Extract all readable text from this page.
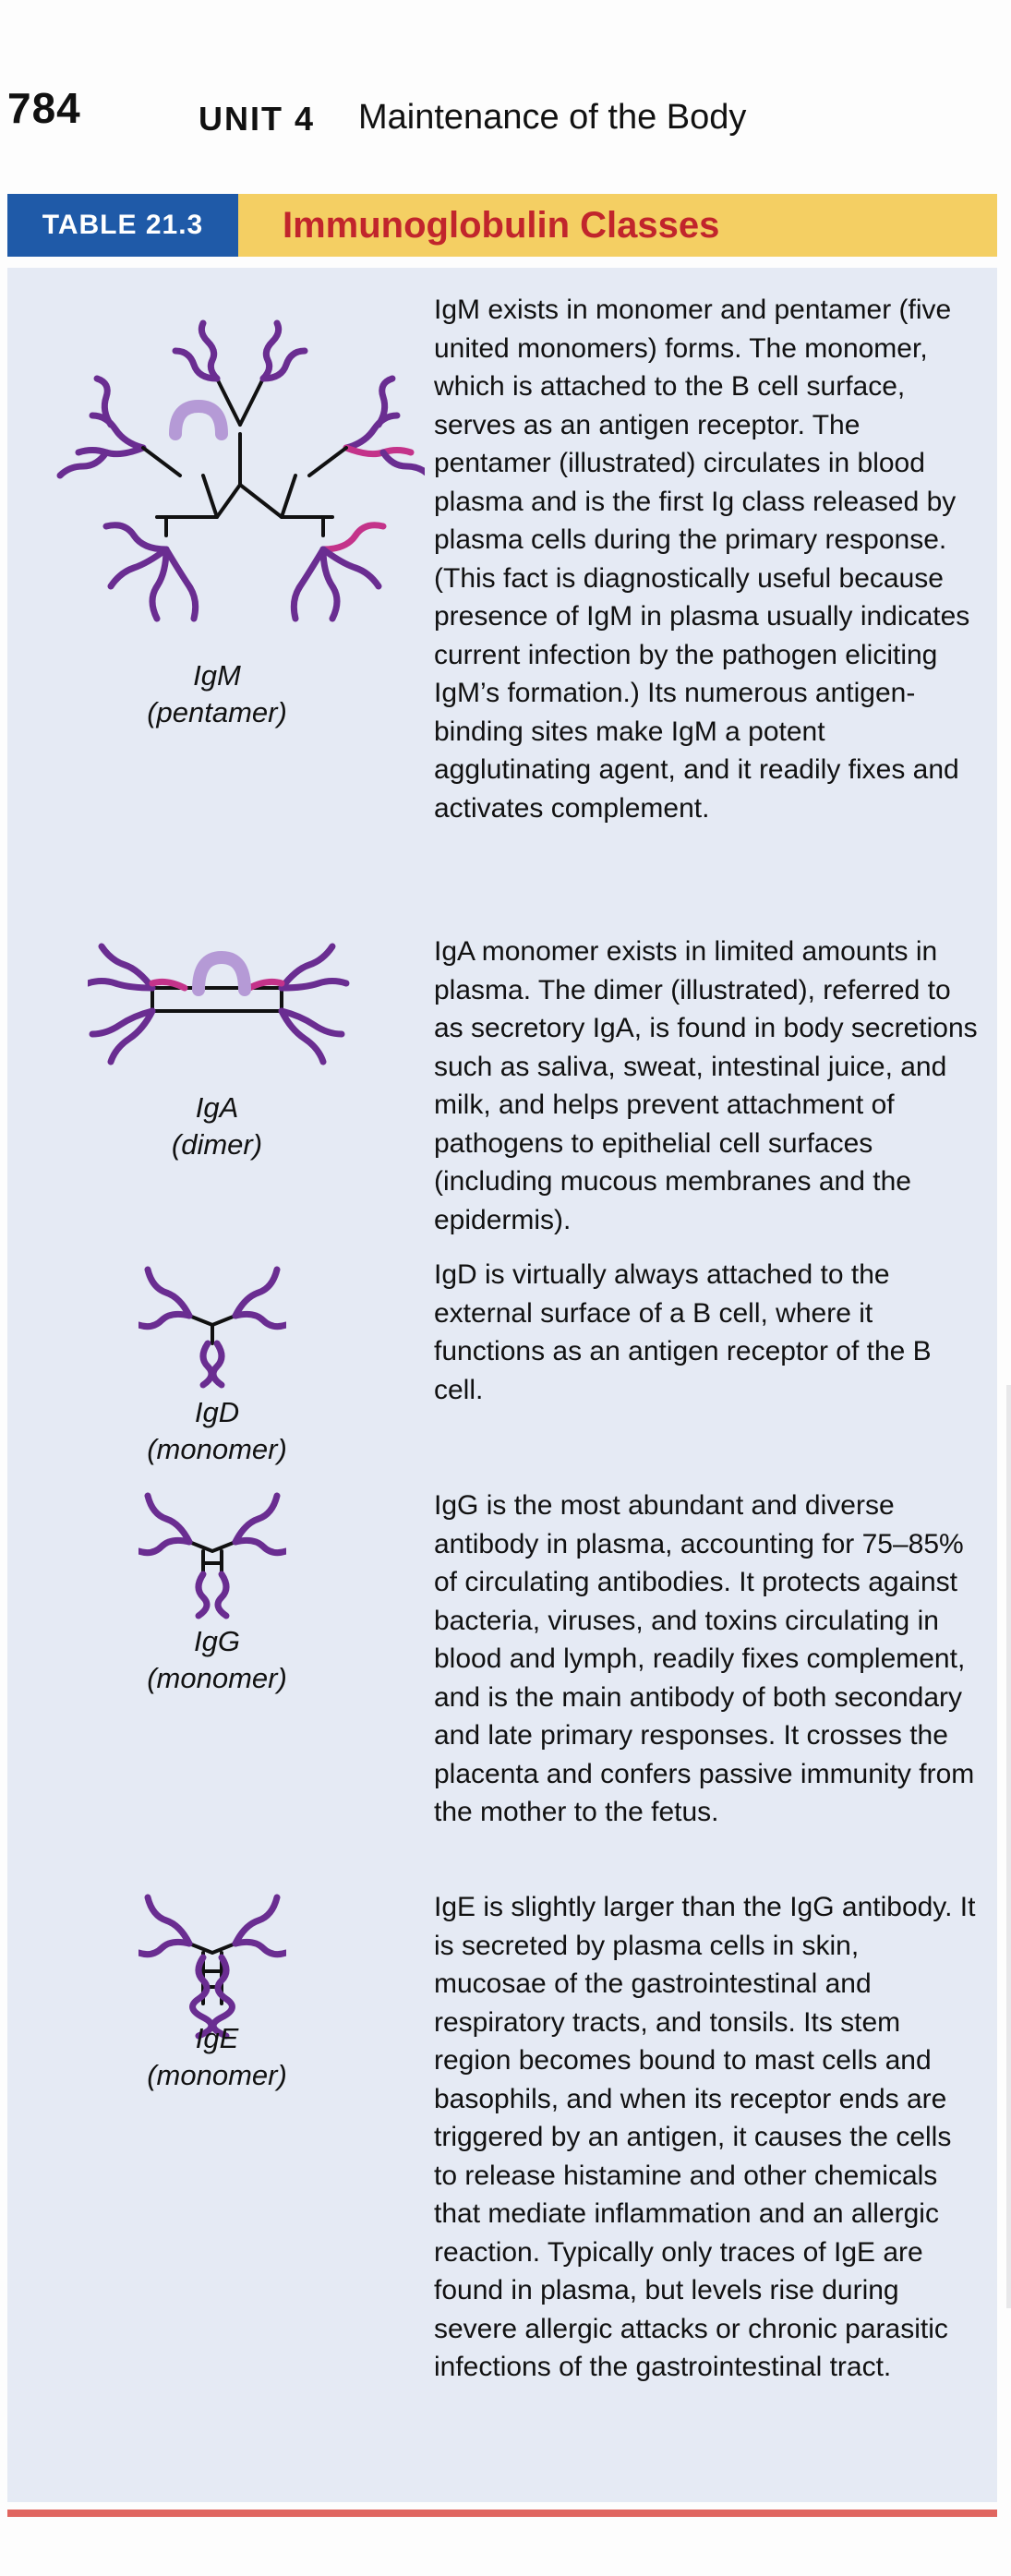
784	UNIT 4 Maintenance of the Body
TABLE 21.3	Immunoglobulin Classes
IgM
(pentamer)

IgM exists in monomer and pentamer (five united monomers) forms. The monomer, which is attached to the B cell surface, serves as an antigen receptor. The pentamer (illustrated) circulates in blood plasma and is the first Ig class released by plasma cells during the primary response. (This fact is diagnostically useful because presence of IgM in plasma usually indicates current infection by the pathogen eliciting IgM’s formation.) Its numerous antigen-binding sites make IgM a potent agglutinating agent, and it readily fixes and activates complement.

IgA
(dimer)

IgA monomer exists in limited amounts in plasma. The dimer (illustrated), referred to as secretory IgA, is found in body secretions such as saliva, sweat, intestinal juice, and milk, and helps prevent attachment of pathogens to epithelial cell surfaces (including mucous membranes and the epidermis).

IgD
(monomer)

IgD is virtually always attached to the external surface of a B cell, where it functions as an antigen receptor of the B cell.

IgG
(monomer)

IgG is the most abundant and diverse antibody in plasma, accounting for 75–85% of circulating antibodies. It protects against bacteria, viruses, and toxins circulating in blood and lymph, readily fixes complement, and is the main antibody of both secondary and late primary responses. It crosses the placenta and confers passive immunity from the mother to the fetus.

IgE
(monomer)

IgE is slightly larger than the IgG antibody. It is secreted by plasma cells in skin, mucosae of the gastrointestinal and respiratory tracts, and tonsils. Its stem region becomes bound to mast cells and basophils, and when its receptor ends are triggered by an antigen, it causes the cells to release histamine and other chemicals that mediate inflammation and an allergic reaction. Typically only traces of IgE are found in plasma, but levels rise during severe allergic attacks or chronic parasitic infections of the gastrointestinal tract.
